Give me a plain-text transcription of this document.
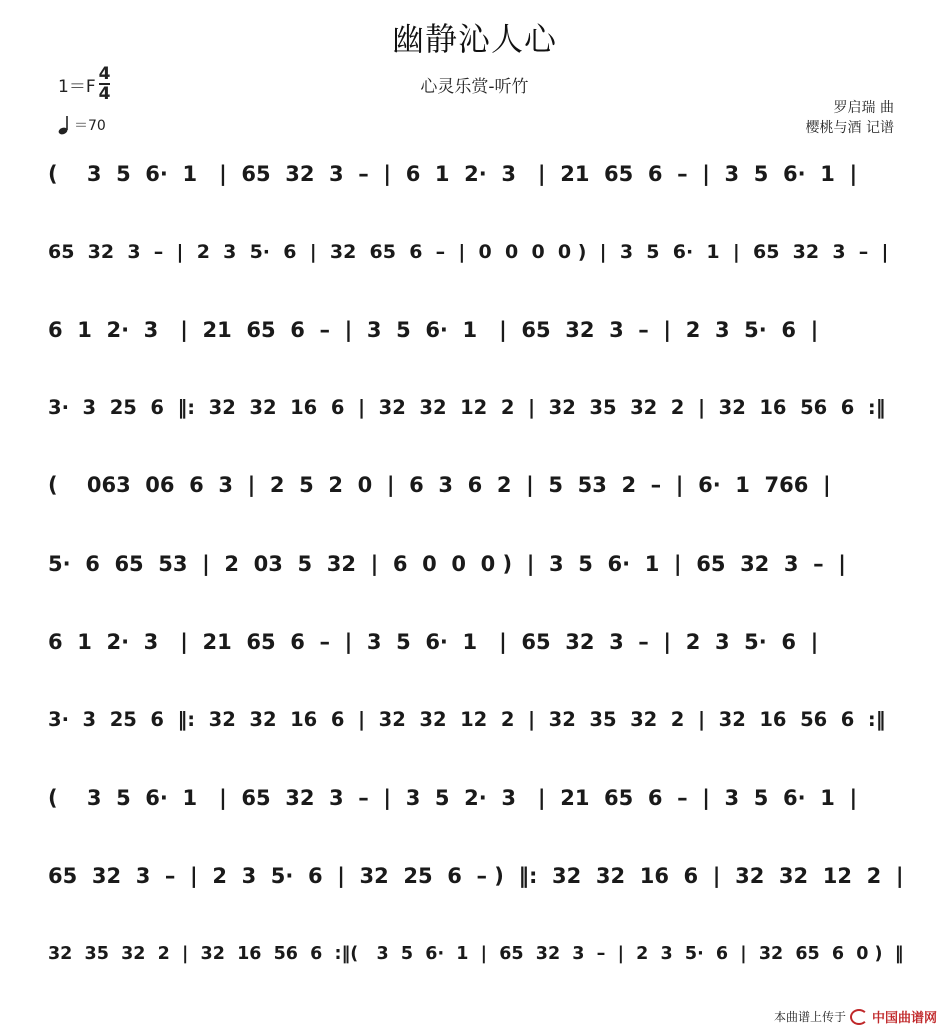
幽静沁人心
心灵乐赏-听竹
$1=F \frac{4}{4}$
＝70
罗启瑞 曲
樱桃与酒 记谱
(    3  5  6·  1   |  65  32  3  –  |  6  1  2·  3   |  21  65  6  –  |  3  5  6·  1  |
65  32  3  –  |  2  3  5·  6  |  32  65  6  –  |  0  0  0  0 )  |  3  5  6·  1  |  65  32  3  –  |
6  1  2·  3   |  21  65  6  –  |  3  5  6·  1   |  65  32  3  –  |  2  3  5·  6  |
3·  3  25  6  ‖:  32  32  16  6  |  32  32  12  2  |  32  35  32  2  |  32  16  56  6  :‖
(    063  06  6  3  |  2  5  2  0  |  6  3  6  2  |  5  53  2  –  |  6·  1  766  |
5·  6  65  53  |  2  03  5  32  |  6  0  0  0 )  |  3  5  6·  1  |  65  32  3  –  |
6  1  2·  3   |  21  65  6  –  |  3  5  6·  1   |  65  32  3  –  |  2  3  5·  6  |
3·  3  25  6  ‖:  32  32  16  6  |  32  32  12  2  |  32  35  32  2  |  32  16  56  6  :‖
(    3  5  6·  1   |  65  32  3  –  |  3  5  2·  3   |  21  65  6  –  |  3  5  6·  1  |
65  32  3  –  |  2  3  5·  6  |  32  25  6  – )  ‖:  32  32  16  6  |  32  32  12  2  |
32  35  32  2  |  32  16  56  6  :‖(   3  5  6·  1  |  65  32  3  –  |  2  3  5·  6  |  32  65  6  0 )  ‖
本曲谱上传于 中国曲谱网
